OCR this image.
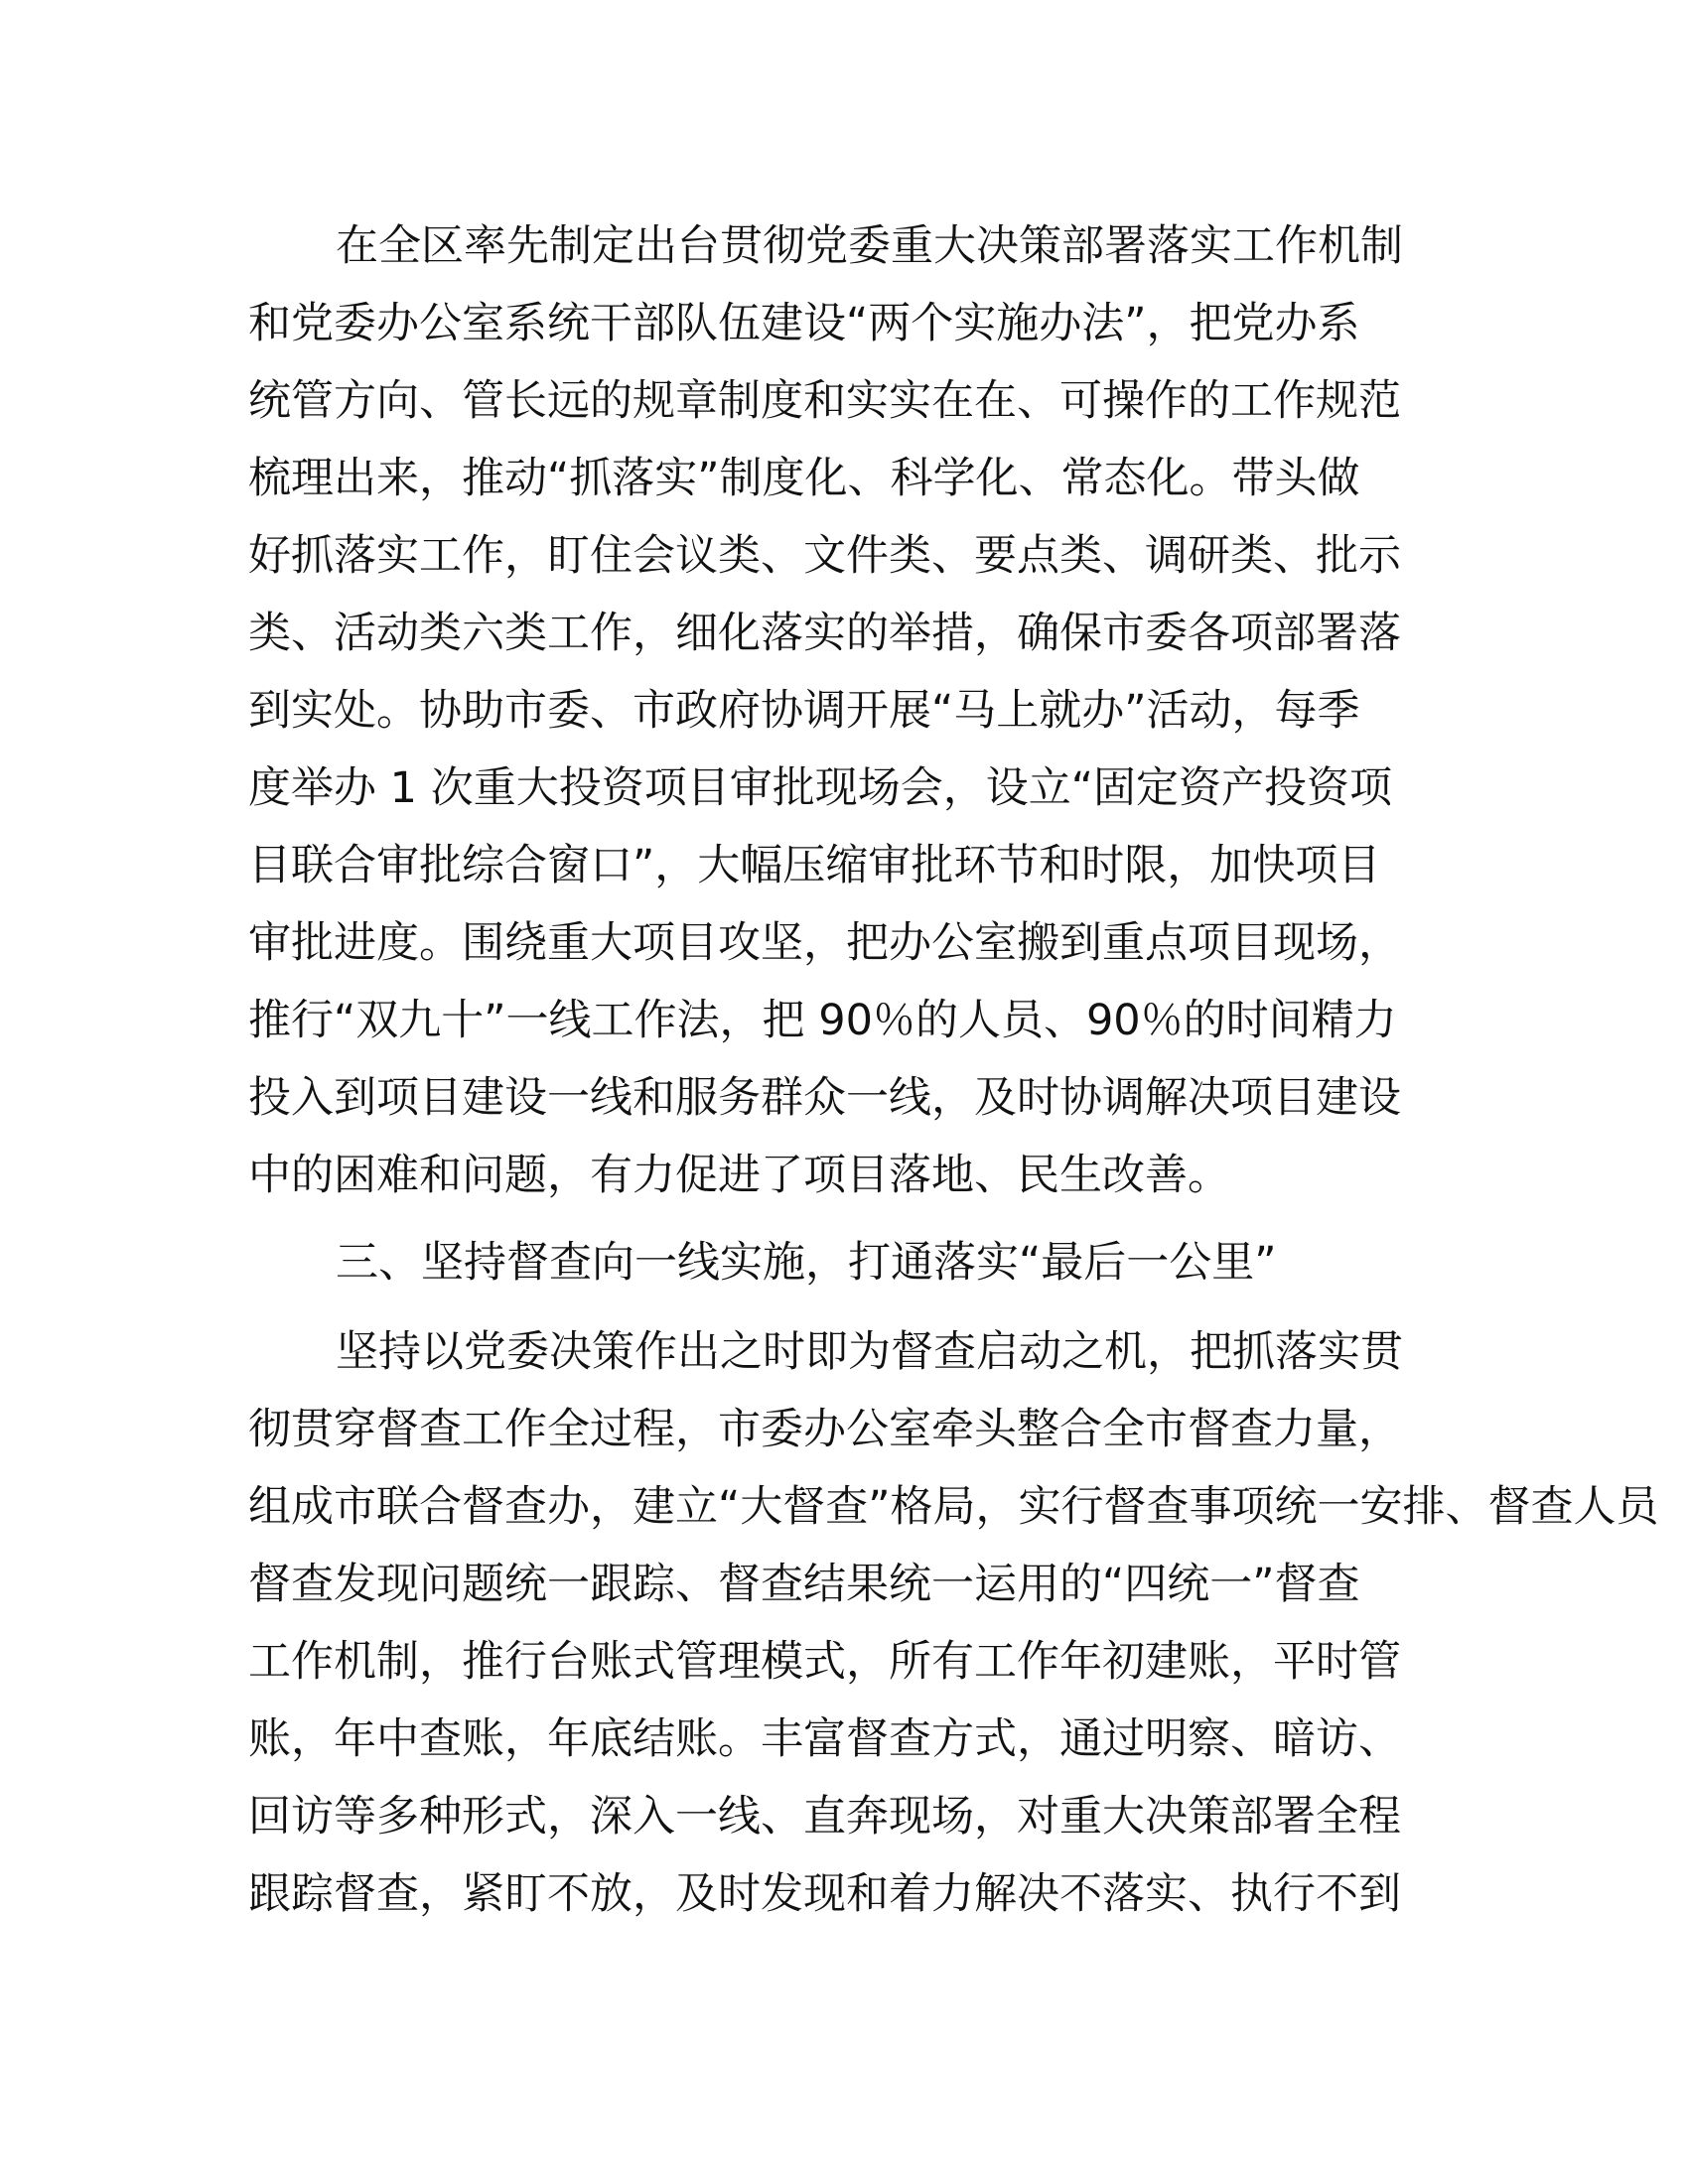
在全区率先制定出台贯彻党委重大决策部署落实工作机制
和党委办公室系统干部队伍建设“两个实施办法”，把党办系
统管方向、管长远的规章制度和实实在在、可操作的工作规范
梳理出来，推动“抓落实”制度化、科学化、常态化。带头做
好抓落实工作，盯住会议类、文件类、要点类、调研类、批示
类、活动类六类工作，细化落实的举措，确保市委各项部署落
到实处。协助市委、市政府协调开展“马上就办”活动，每季
度举办 1 次重大投资项目审批现场会，设立“固定资产投资项
目联合审批综合窗口”，大幅压缩审批环节和时限，加快项目
审批进度。围绕重大项目攻坚，把办公室搬到重点项目现场，
推行“双九十”一线工作法，把 90％的人员、90％的时间精力
投入到项目建设一线和服务群众一线，及时协调解决项目建设
中的困难和问题，有力促进了项目落地、民生改善。
三、坚持督查向一线实施，打通落实“最后一公里”
坚持以党委决策作出之时即为督查启动之机，把抓落实贯
彻贯穿督查工作全过程，市委办公室牵头整合全市督查力量，
组成市联合督查办，建立“大督查”格局，实行督查事项统一安排、督查人员
督查发现问题统一跟踪、督查结果统一运用的“四统一”督查
工作机制，推行台账式管理模式，所有工作年初建账，平时管
账，年中查账，年底结账。丰富督查方式，通过明察、暗访、
回访等多种形式，深入一线、直奔现场，对重大决策部署全程
跟踪督查，紧盯不放，及时发现和着力解决不落实、执行不到
